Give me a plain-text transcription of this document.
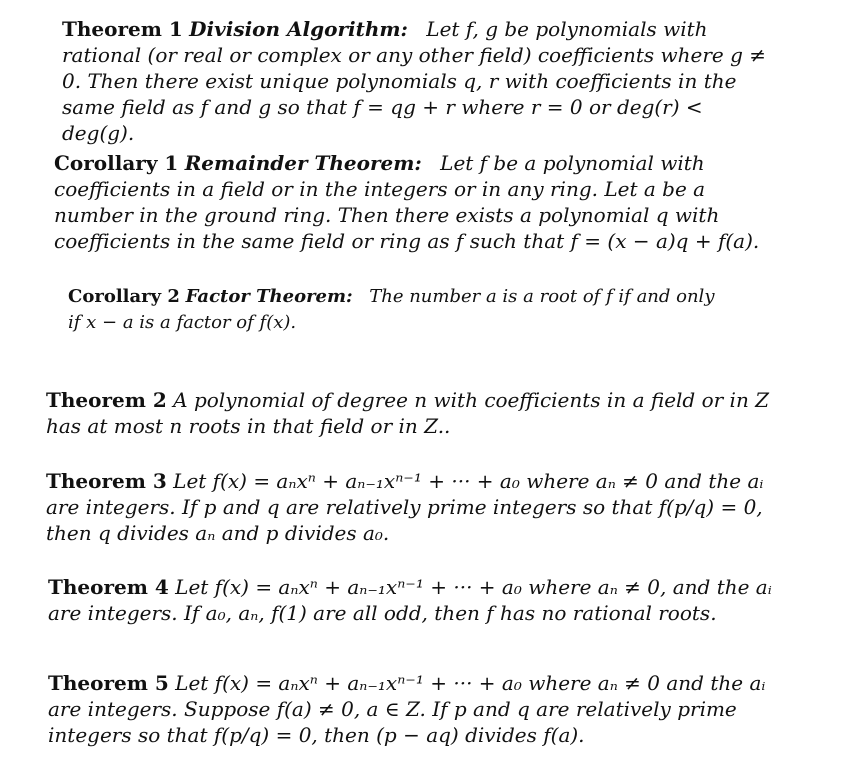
Theorem 1 Division Algorithm: Let f, g be polynomials with rational (or real or complex or any other field) coefficients where g ≠ 0. Then there exist unique polynomials q, r with coefficients in the same field as f and g so that f = qg + r where r = 0 or deg(r) < deg(g).
Corollary 1 Remainder Theorem: Let f be a polynomial with coefficients in a field or in the integers or in any ring. Let a be a number in the ground ring. Then there exists a polynomial q with coefficients in the same field or ring as f such that f = (x − a)q + f(a).
Corollary 2 Factor Theorem: The number a is a root of f if and only if x − a is a factor of f(x).
Theorem 2 A polynomial of degree n with coefficients in a field or in Z has at most n roots in that field or in Z..
Theorem 3 Let f(x) = aₙxⁿ + aₙ₋₁xⁿ⁻¹ + ··· + a₀ where aₙ ≠ 0 and the aᵢ are integers. If p and q are relatively prime integers so that f(p/q) = 0, then q divides aₙ and p divides a₀.
Theorem 4 Let f(x) = aₙxⁿ + aₙ₋₁xⁿ⁻¹ + ··· + a₀ where aₙ ≠ 0, and the aᵢ are integers. If a₀, aₙ, f(1) are all odd, then f has no rational roots.
Theorem 5 Let f(x) = aₙxⁿ + aₙ₋₁xⁿ⁻¹ + ··· + a₀ where aₙ ≠ 0 and the aᵢ are integers. Suppose f(a) ≠ 0, a ∈ Z. If p and q are relatively prime integers so that f(p/q) = 0, then (p − aq) divides f(a).
